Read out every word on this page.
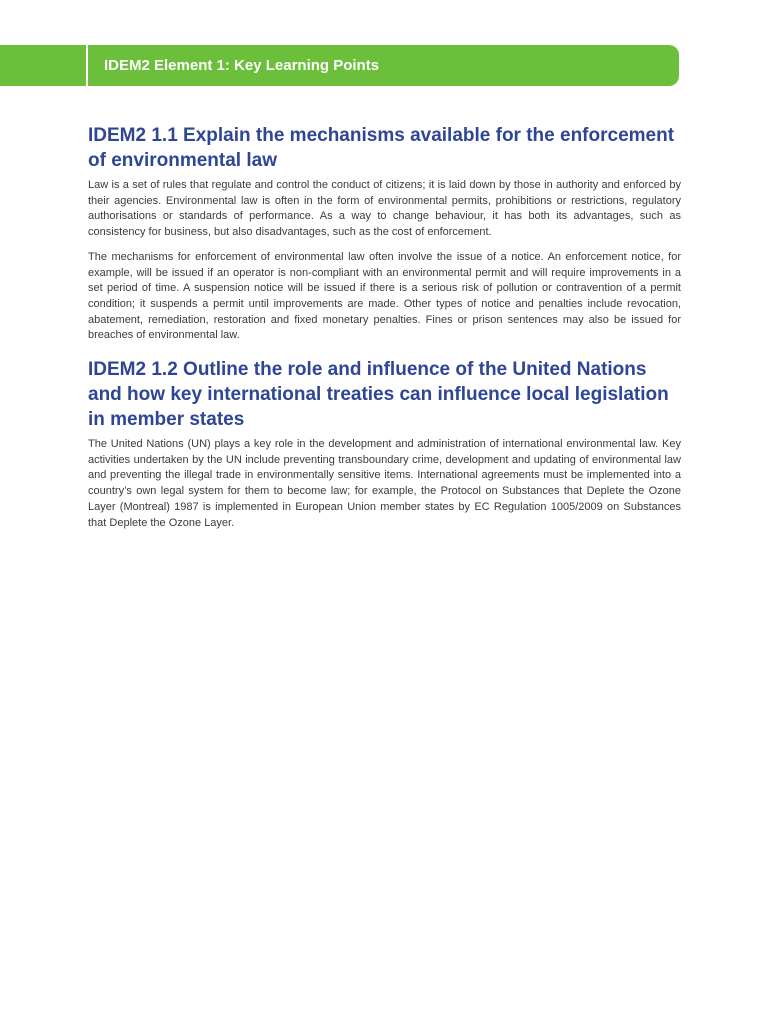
IDEM2 Element 1: Key Learning Points
IDEM2 1.1 Explain the mechanisms available for the enforcement of environmental law

Law is a set of rules that regulate and control the conduct of citizens; it is laid down by those in authority and enforced by their agencies. Environmental law is often in the form of environmental permits, prohibitions or restrictions, regulatory authorisations or standards of performance. As a way to change behaviour, it has both its advantages, such as consistency for business, but also disadvantages, such as the cost of enforcement.

The mechanisms for enforcement of environmental law often involve the issue of a notice. An enforcement notice, for example, will be issued if an operator is non-compliant with an environmental permit and will require improvements in a set period of time. A suspension notice will be issued if there is a serious risk of pollution or contravention of a permit condition; it suspends a permit until improvements are made. Other types of notice and penalties include revocation, abatement, remediation, restoration and fixed monetary penalties. Fines or prison sentences may also be issued for breaches of environmental law.

IDEM2 1.2 Outline the role and influence of the United Nations and how key international treaties can influence local legislation in member states

The United Nations (UN) plays a key role in the development and administration of international environmental law. Key activities undertaken by the UN include preventing transboundary crime, development and updating of environmental law and preventing the illegal trade in environmentally sensitive items. International agreements must be implemented into a country’s own legal system for them to become law; for example, the Protocol on Substances that Deplete the Ozone Layer (Montreal) 1987 is implemented in European Union member states by EC Regulation 1005/2009 on Substances that Deplete the Ozone Layer.
